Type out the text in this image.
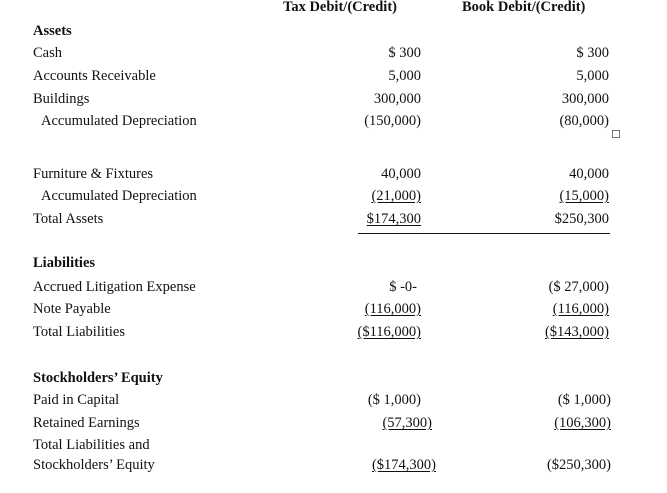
Tax Debit/(Credit)	Book Debit/(Credit)
Assets
Cash	$ 300	$ 300
Accounts Receivable	5,000	5,000
Buildings	300,000	300,000
Accumulated Depreciation	(150,000)	(80,000)
Furniture & Fixtures	40,000	40,000
Accumulated Depreciation	(21,000)	(15,000)
Total Assets	$174,300	$250,300
Liabilities
Accrued Litigation Expense	$ -0-	($ 27,000)
Note Payable	(116,000)	(116,000)
Total Liabilities	($116,000)	($143,000)
Stockholders’ Equity
Paid in Capital	($ 1,000)	($ 1,000)
Retained Earnings	(57,300)	(106,300)
Total Liabilities and
Stockholders’ Equity	($174,300)	($250,300)
